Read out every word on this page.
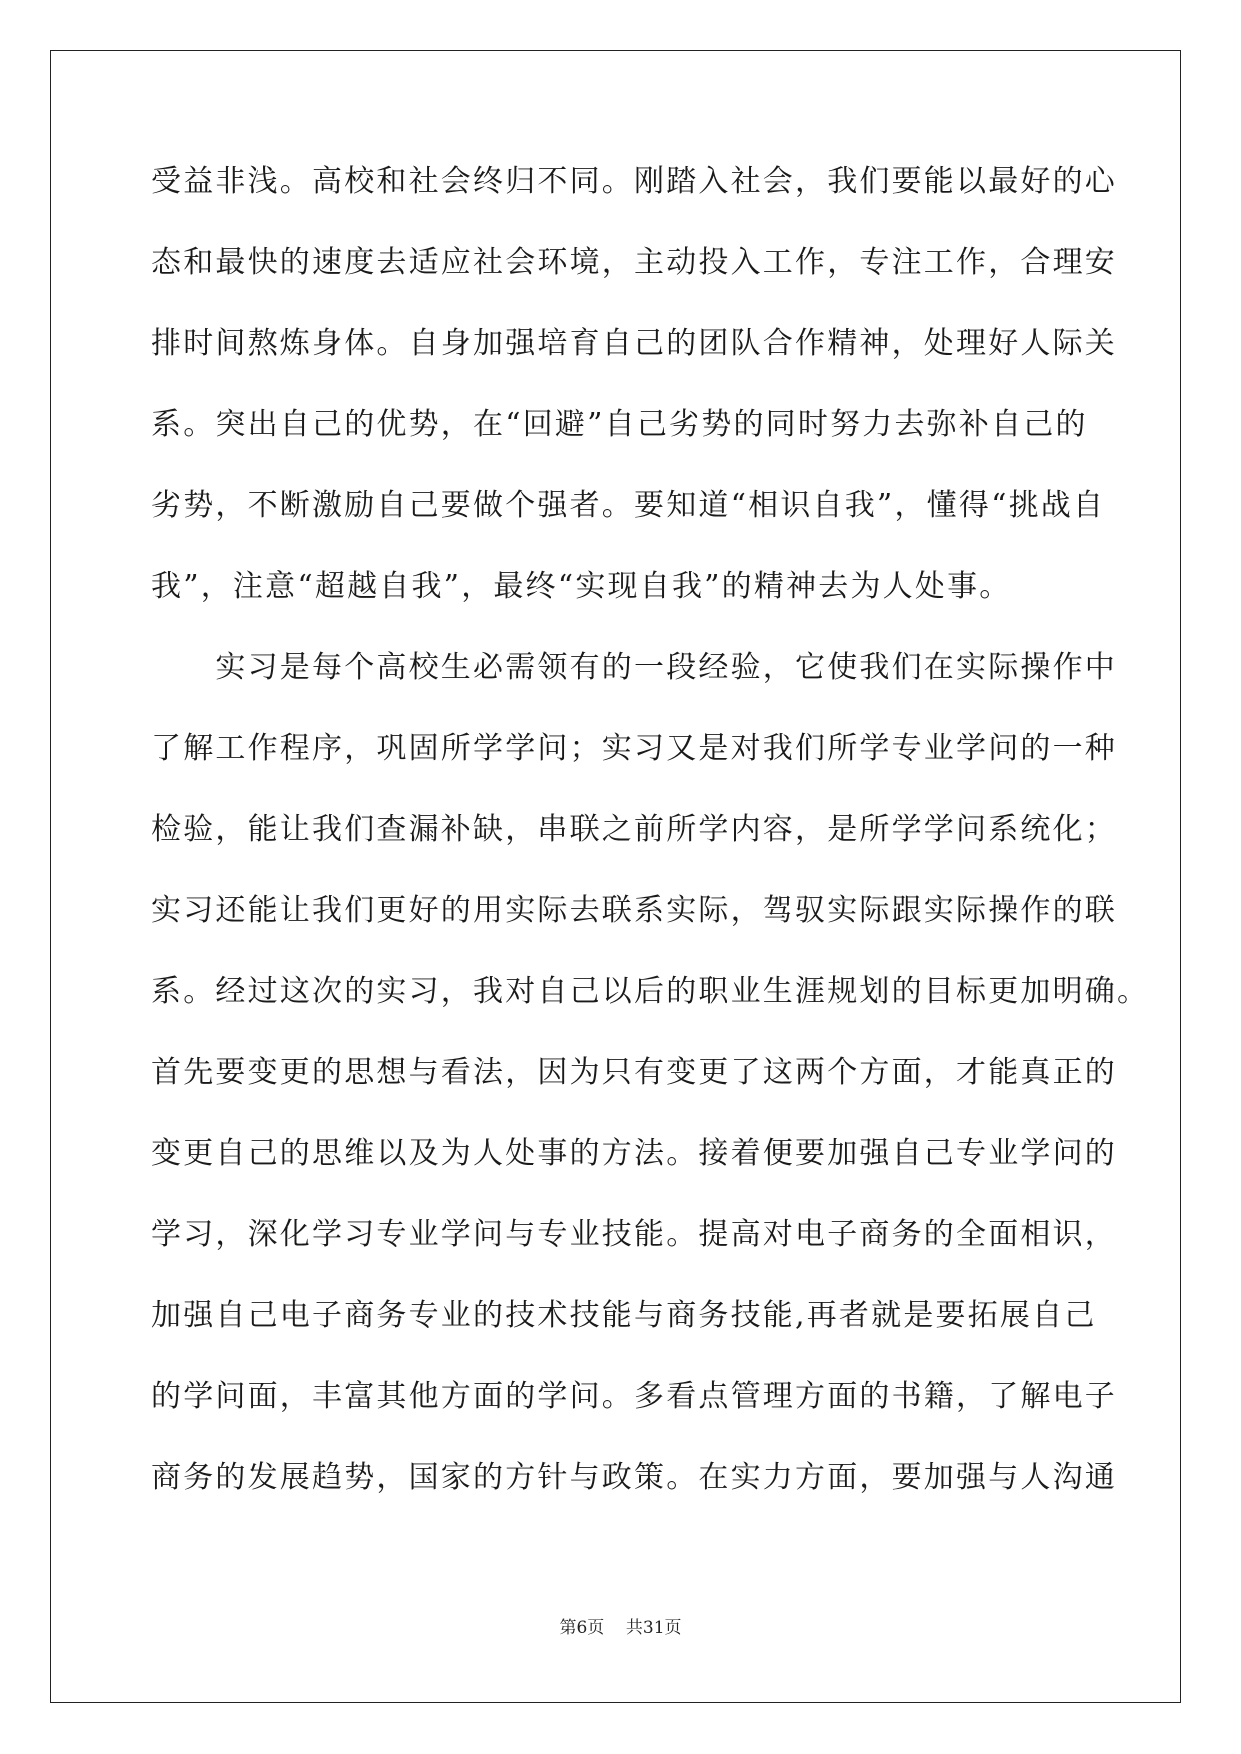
受益非浅。高校和社会终归不同。刚踏入社会，我们要能以最好的心
态和最快的速度去适应社会环境，主动投入工作，专注工作，合理安
排时间熬炼身体。自身加强培育自己的团队合作精神，处理好人际关
系。突出自己的优势，在“回避”自己劣势的同时努力去弥补自己的
劣势，不断激励自己要做个强者。要知道“相识自我”，懂得“挑战自
我”，注意“超越自我”，最终“实现自我”的精神去为人处事。
　　实习是每个高校生必需领有的一段经验，它使我们在实际操作中
了解工作程序，巩固所学学问；实习又是对我们所学专业学问的一种
检验，能让我们查漏补缺，串联之前所学内容，是所学学问系统化；
实习还能让我们更好的用实际去联系实际，驾驭实际跟实际操作的联
系。经过这次的实习，我对自己以后的职业生涯规划的目标更加明确。
首先要变更的思想与看法，因为只有变更了这两个方面，才能真正的
变更自己的思维以及为人处事的方法。接着便要加强自己专业学问的
学习，深化学习专业学问与专业技能。提高对电子商务的全面相识，
加强自己电子商务专业的技术技能与商务技能,再者就是要拓展自己
的学问面，丰富其他方面的学问。多看点管理方面的书籍，了解电子
商务的发展趋势，国家的方针与政策。在实力方面，要加强与人沟通
第6页 共31页
